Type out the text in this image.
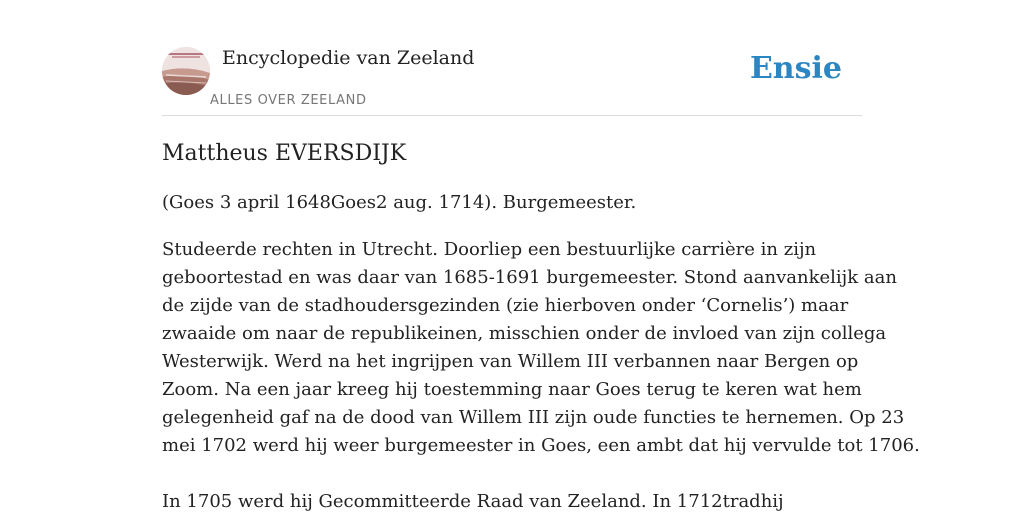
Encyclopedie van Zeeland
ALLES OVER ZEELAND
Ensie
Mattheus EVERSDIJK

(Goes 3 april 1648Goes2 aug. 1714). Burgemeester.

Studeerde rechten in Utrecht. Doorliep een bestuurlijke carrière in zijn
geboortestad en was daar van 1685-1691 burgemeester. Stond aanvankelijk aan
de zijde van de stadhoudersgezinden (zie hierboven onder ‘Cornelis’) maar
zwaaide om naar de republikeinen, misschien onder de invloed van zijn collega
Westerwijk. Werd na het ingrijpen van Willem III verbannen naar Bergen op
Zoom. Na een jaar kreeg hij toestemming naar Goes terug te keren wat hem
gelegenheid gaf na de dood van Willem III zijn oude functies te hernemen. Op 23
mei 1702 werd hij weer burgemeester in Goes, een ambt dat hij vervulde tot 1706.
In 1705 werd hij Gecommitteerde Raad van Zeeland. In 1712tradhij
